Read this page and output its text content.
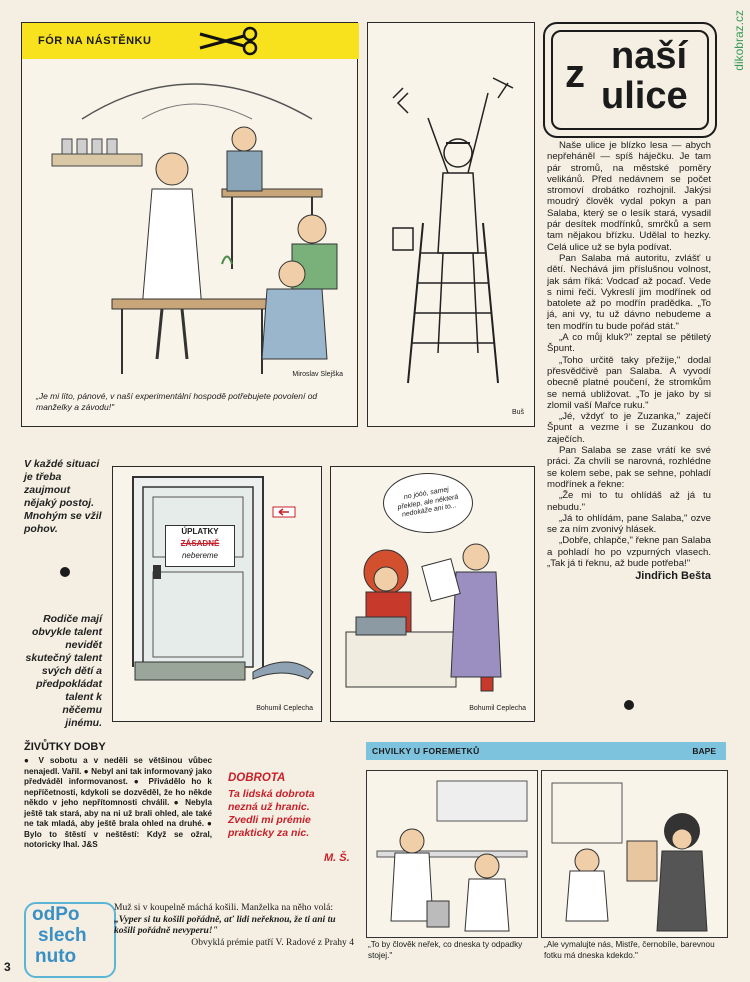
dikobraz.cz
FÓR NA NÁSTĚNKU
Miroslav Slejška
„Je mi líto, pánové, v naší experimentální hospodě potřebujete povolení od manželky a závodu!"
Buš
z naší
ulice

Naše ulice je blízko lesa — abych nepřeháněl — spíš háječku. Je tam pár stromů, na městské poměry velikánů. Před nedávnem se počet stromoví drobátko rozhojnil. Jakýsi moudrý člověk vydal pokyn a pan Salaba, který se o lesík stará, vysadil pár desítek modřínků, smrčků a sem tam nějakou břízku. Udělal to hezky. Celá ulice už se byla podívat.

Pan Salaba má autoritu, zvlášť u dětí. Nechává jim příslušnou volnost, jak sám říká: Vodcaď až pocaď. Vede s nimi řeči. Vykreslí jim modřínek od batolete až po modřín pradědka. „To já, ani vy, tu už dávno nebudeme a ten modřín tu bude pořád stát."

„A co můj kluk?" zeptal se pětiletý Špunt.

„Toho určitě taky přežije," dodal přesvědčivě pan Salaba. A vyvodí obecně platné poučení, že stromkům se nemá ubližovat. „To je jako by si zlomil vaší Mařce ruku."

„Jé, vždyť to je Zuzanka," zaječí Špunt a vezme i se Zuzankou do zaječích.

Pan Salaba se zase vrátí ke své práci. Za chvíli se narovná, rozhlédne se kolem sebe, pak se sehne, pohladí modřínek a řekne:

„Že mi to tu ohlídáš až já tu nebudu."

„Já to ohlídám, pane Salaba," ozve se za ním zvonivý hlásek.

„Dobře, chlapče," řekne pan Salaba a pohladí ho po vzpurných vlasech. „Tak já ti řeknu, až bude potřeba!"

Jindřich Bešta
V každé situaci je třeba zaujmout nějaký postoj. Mnohým se vžil pohov.
Rodiče mají obvykle talent nevidět skutečný talent svých dětí a předpokládat talent k něčemu jinému.
ÚPLATKY
ZÁSADNĚ
nebereme
Bohumil Ceplecha
no jóóó, samej překlep, ale některá nedokáže ani to...
Bohumil Ceplecha
ŽIVŮTKY DOBY
● V sobotu a v neděli se většinou vůbec nenajedl. Vařil. ● Nebyl ani tak informovaný jako předváděl informovanost. ● Přivádělo ho k nepříčetnosti, kdykoli se dozvěděl, že ho někde někdo v jeho nepřítomnosti chválil. ● Nebyla ještě tak stará, aby na ni už brali ohled, ale také ne tak mladá, aby ještě brala ohled na druhé. ● Bylo to štěstí v neštěstí: Když se ožral, notoricky lhal. J&S
DOBROTA
Ta lidská dobrota
nezná už hranic.
Zvedli mi prémie
prakticky za nic.
M. Š.
odPo
slech
nuto
Muž si v koupelně máchá košili. Manželka na něho volá:
„Vyper si tu košili pořádně, ať lidi neřeknou, že ti ani tu košili pořádně nevyperu!"
Obvyklá prémie patří V. Radové z Prahy 4
3
CHVILKY U FOREMETKŮ	BAPE
„To by člověk neřek, co dneska ty odpadky stojej."
„Ale vymalujte nás, Mistře, černobíle, barevnou fotku má dneska kdekdo."
